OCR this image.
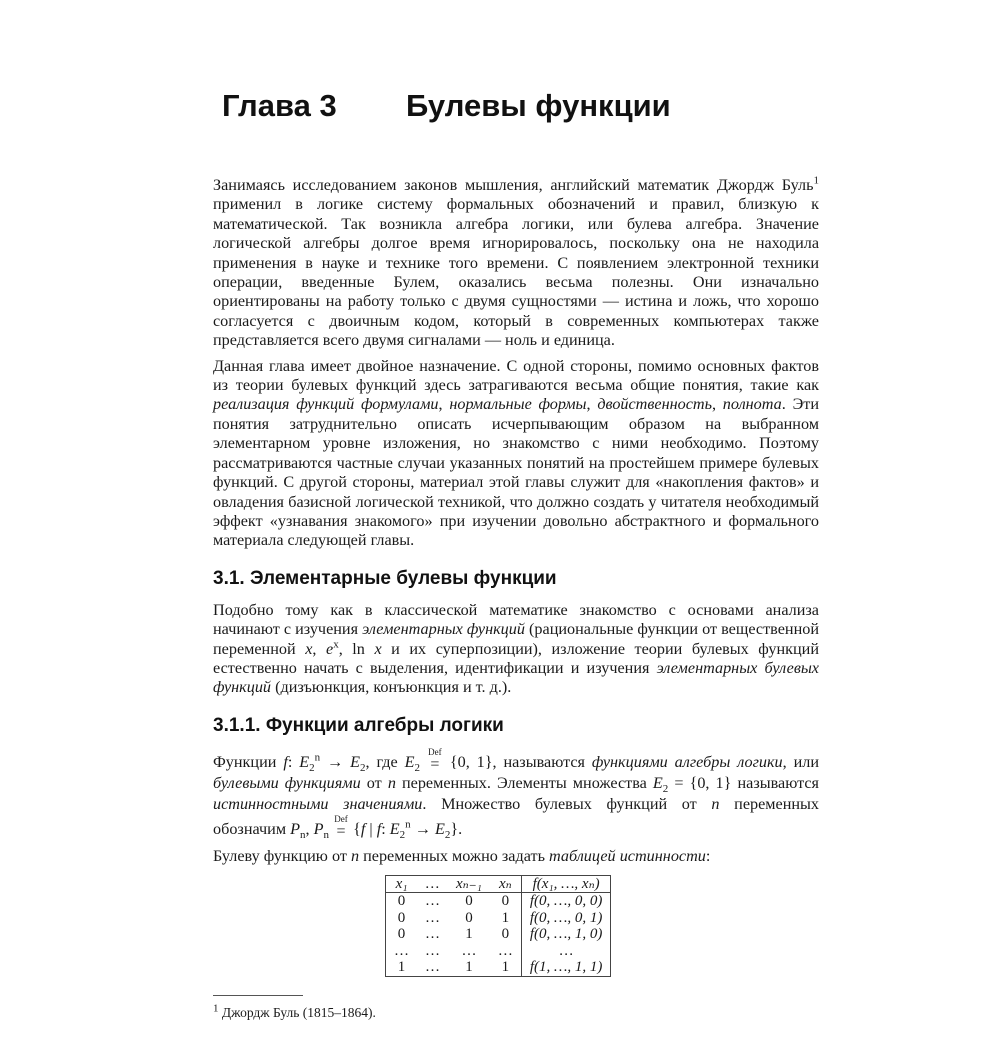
Глава 3 Булевы функции

Занимаясь исследованием законов мышления, английский математик Джордж Буль$^1$ применил в логике систему формальных обозначений и правил, близкую к математической. Так возникла алгебра логики, или булева алгебра. Значение логической алгебры долгое время игнорировалось, поскольку она не находила применения в науке и технике того времени. С появлением электронной техники операции, введенные Булем, оказались весьма полезны. Они изначально ориентированы на работу только с двумя сущностями — истина и ложь, что хорошо согласуется с двоичным кодом, который в современных компьютерах также представляется всего двумя сигналами — ноль и единица.

Данная глава имеет двойное назначение. С одной стороны, помимо основных фактов из теории булевых функций здесь затрагиваются весьма общие понятия, такие как реализация функций формулами, нормальные формы, двойственность, полнота. Эти понятия затруднительно описать исчерпывающим образом на выбранном элементарном уровне изложения, но знакомство с ними необходимо. Поэтому рассматриваются частные случаи указанных понятий на простейшем примере булевых функций. С другой стороны, материал этой главы служит для «накопления фактов» и овладения базисной логической техникой, что должно создать у читателя необходимый эффект «узнавания знакомого» при изучении довольно абстрактного и формального материала следующей главы.

3.1. Элементарные булевы функции

Подобно тому как в классической математике знакомство с основами анализа начинают с изучения элементарных функций (рациональные функции от вещественной переменной x, $e^x$, ln x и их суперпозиции), изложение теории булевых функций естественно начать с выделения, идентификации и изучения элементарных булевых функций (дизъюнкция, конъюнкция и т. д.).

3.1.1. Функции алгебры логики

Функции f: $E_2^n \to E_2$, где $E_2$
Def
= {0, 1}, называются функциями алгебры логики, или булевыми функциями от n переменных. Элементы множества $E_2 = \{0$, 1} называются истинностными значениями. Множество булевых функций от n переменных обозначим $P_n$, $P_n$
Def
= {f | f: $E_2^n \to E_2$}.

Булеву функцию от n переменных можно задать таблицей истинности:

x₁	…	xₙ₋₁	xₙ	f(x₁, …, xₙ)
0	…	0	0	f(0, …, 0, 0)
0	…	0	1	f(0, …, 0, 1)
0	…	1	0	f(0, …, 1, 0)
…	…	…	…	…
1	…	1	1	f(1, …, 1, 1)
$^1$ Джордж Буль (1815–1864).
